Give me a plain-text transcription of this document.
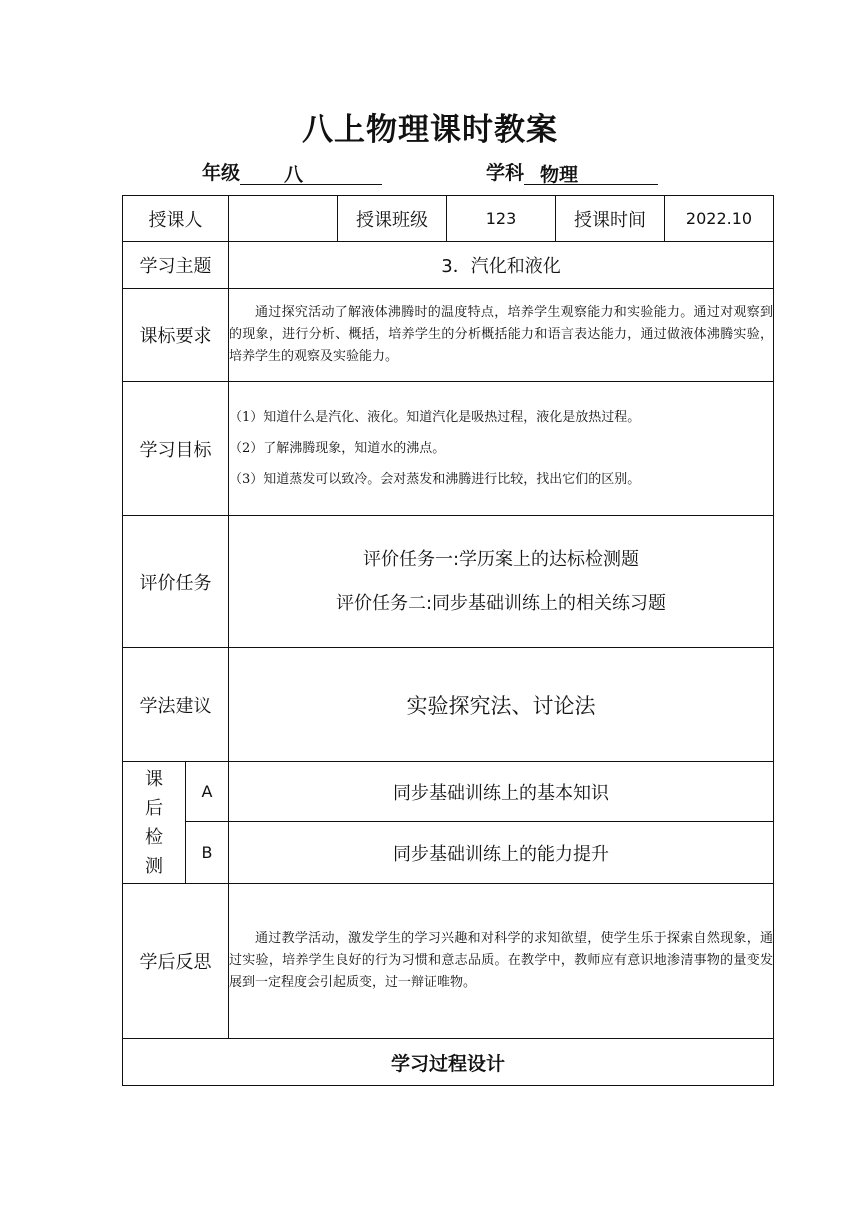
八上物理课时教案
年级 八	学科 物理
授课人			授课班级	123	授课时间	2022.10
学习主题		3．汽化和液化				
课标要求		通过探究活动了解液体沸腾时的温度特点，培养学生观察能力和实验能力。通过对观察到的现象，进行分析、概括，培养学生的分析概括能力和语言表达能力，通过做液体沸腾实验，培养学生的观察及实验能力。				

学习目标		（1）知道什么是汽化、液化。知道汽化是吸热过程，液化是放热过程。
（2）了解沸腾现象，知道水的沸点。
（3）知道蒸发可以致冷。会对蒸发和沸腾进行比较，找出它们的区别。				

评价任务		评价任务一:学历案上的达标检测题
评价任务二:同步基础训练上的相关练习题				

学法建议		实验探究法、讨论法				

课
后
检
测	A	同步基础训练上的基本知识				
	B	同步基础训练上的能力提升				
学后反思		通过教学活动，激发学生的学习兴趣和对科学的求知欲望，使学生乐于探索自然现象，通过实验，培养学生良好的行为习惯和意志品质。在教学中，教师应有意识地渗清事物的量变发展到一定程度会引起质变，过一辩证唯物。				

学习过程设计						
